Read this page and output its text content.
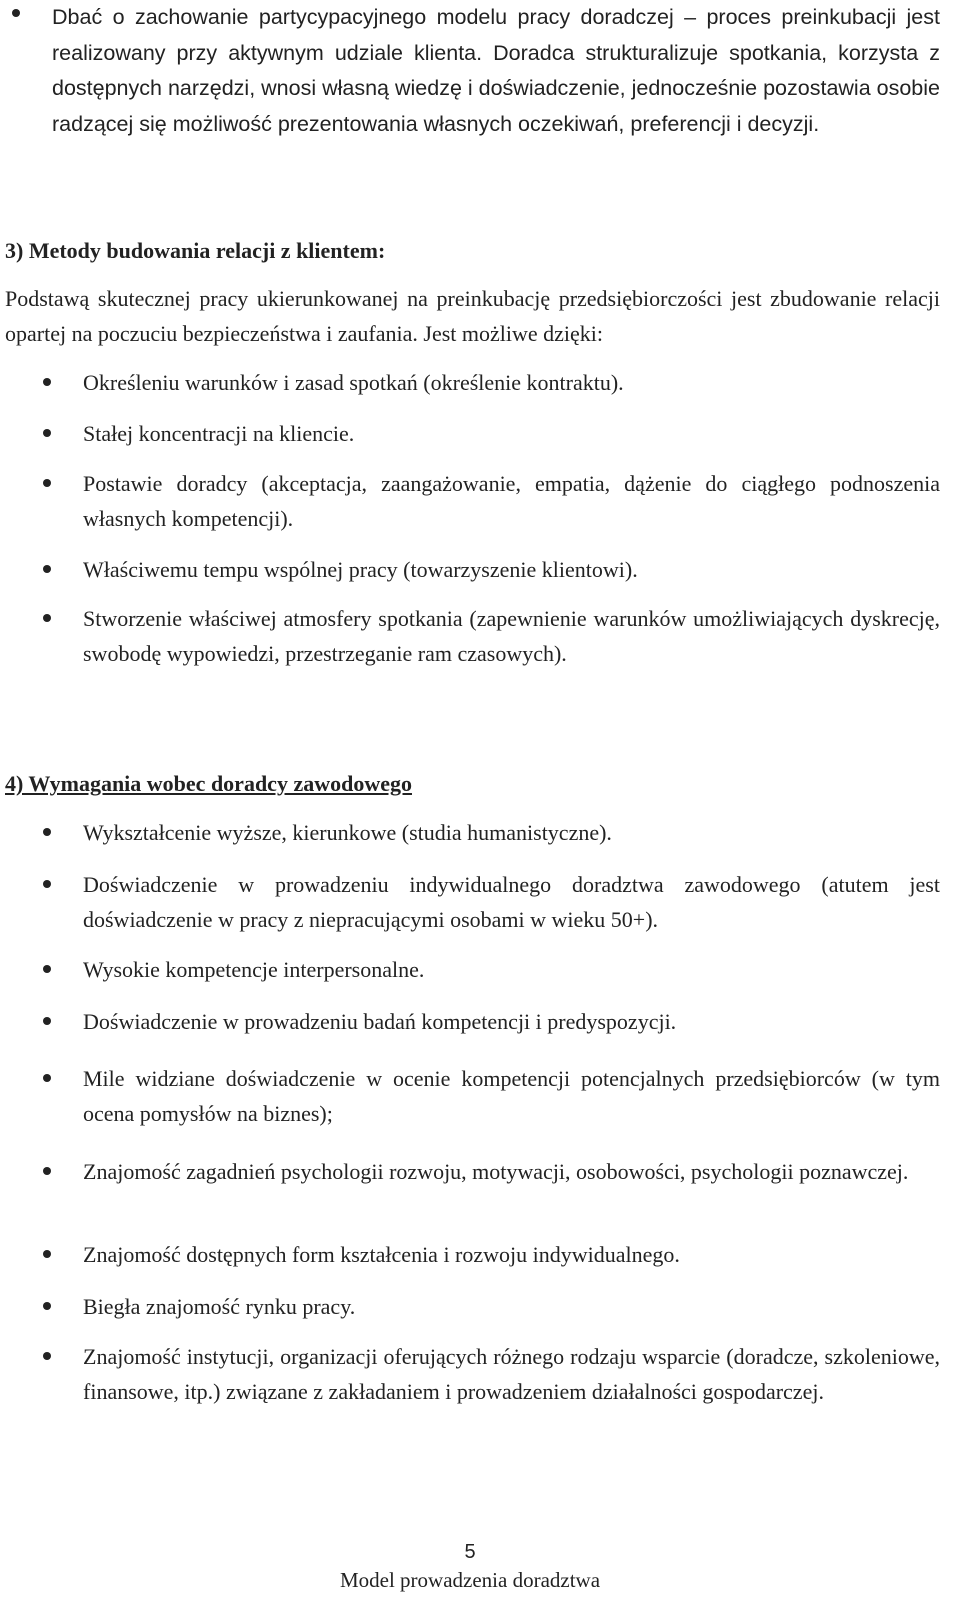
Dbać o zachowanie partycypacyjnego modelu pracy doradczej – proces preinkubacji jest realizowany przy aktywnym udziale klienta. Doradca strukturalizuje spotkania, korzysta z dostępnych narzędzi, wnosi własną wiedzę i doświadczenie, jednocześnie pozostawia osobie radzącej się możliwość prezentowania własnych oczekiwań, preferencji i decyzji.
3) Metody budowania relacji z klientem:
Podstawą skutecznej pracy ukierunkowanej na preinkubację przedsiębiorczości jest zbudowanie relacji opartej na poczuciu bezpieczeństwa i zaufania. Jest możliwe dzięki:
Określeniu warunków i zasad spotkań (określenie kontraktu).
Stałej koncentracji na kliencie.
Postawie doradcy (akceptacja, zaangażowanie, empatia, dążenie do ciągłego podnoszenia własnych kompetencji).
Właściwemu tempu wspólnej pracy (towarzyszenie klientowi).
Stworzenie właściwej atmosfery spotkania (zapewnienie warunków umożliwiających dyskrecję, swobodę wypowiedzi, przestrzeganie ram czasowych).
4) Wymagania wobec doradcy zawodowego
Wykształcenie wyższe, kierunkowe (studia humanistyczne).
Doświadczenie w prowadzeniu indywidualnego doradztwa zawodowego (atutem jest doświadczenie w pracy z niepracującymi osobami w wieku 50+).
Wysokie kompetencje interpersonalne.
Doświadczenie w prowadzeniu badań kompetencji i predyspozycji.
Mile widziane doświadczenie w ocenie kompetencji potencjalnych przedsiębiorców (w tym ocena pomysłów na biznes);
Znajomość zagadnień psychologii rozwoju, motywacji, osobowości, psychologii poznawczej.
Znajomość dostępnych form kształcenia i rozwoju indywidualnego.
Biegła znajomość rynku pracy.
Znajomość instytucji, organizacji oferujących różnego rodzaju wsparcie (doradcze, szkoleniowe, finansowe, itp.) związane z zakładaniem i prowadzeniem działalności gospodarczej.
5
Model prowadzenia doradztwa
